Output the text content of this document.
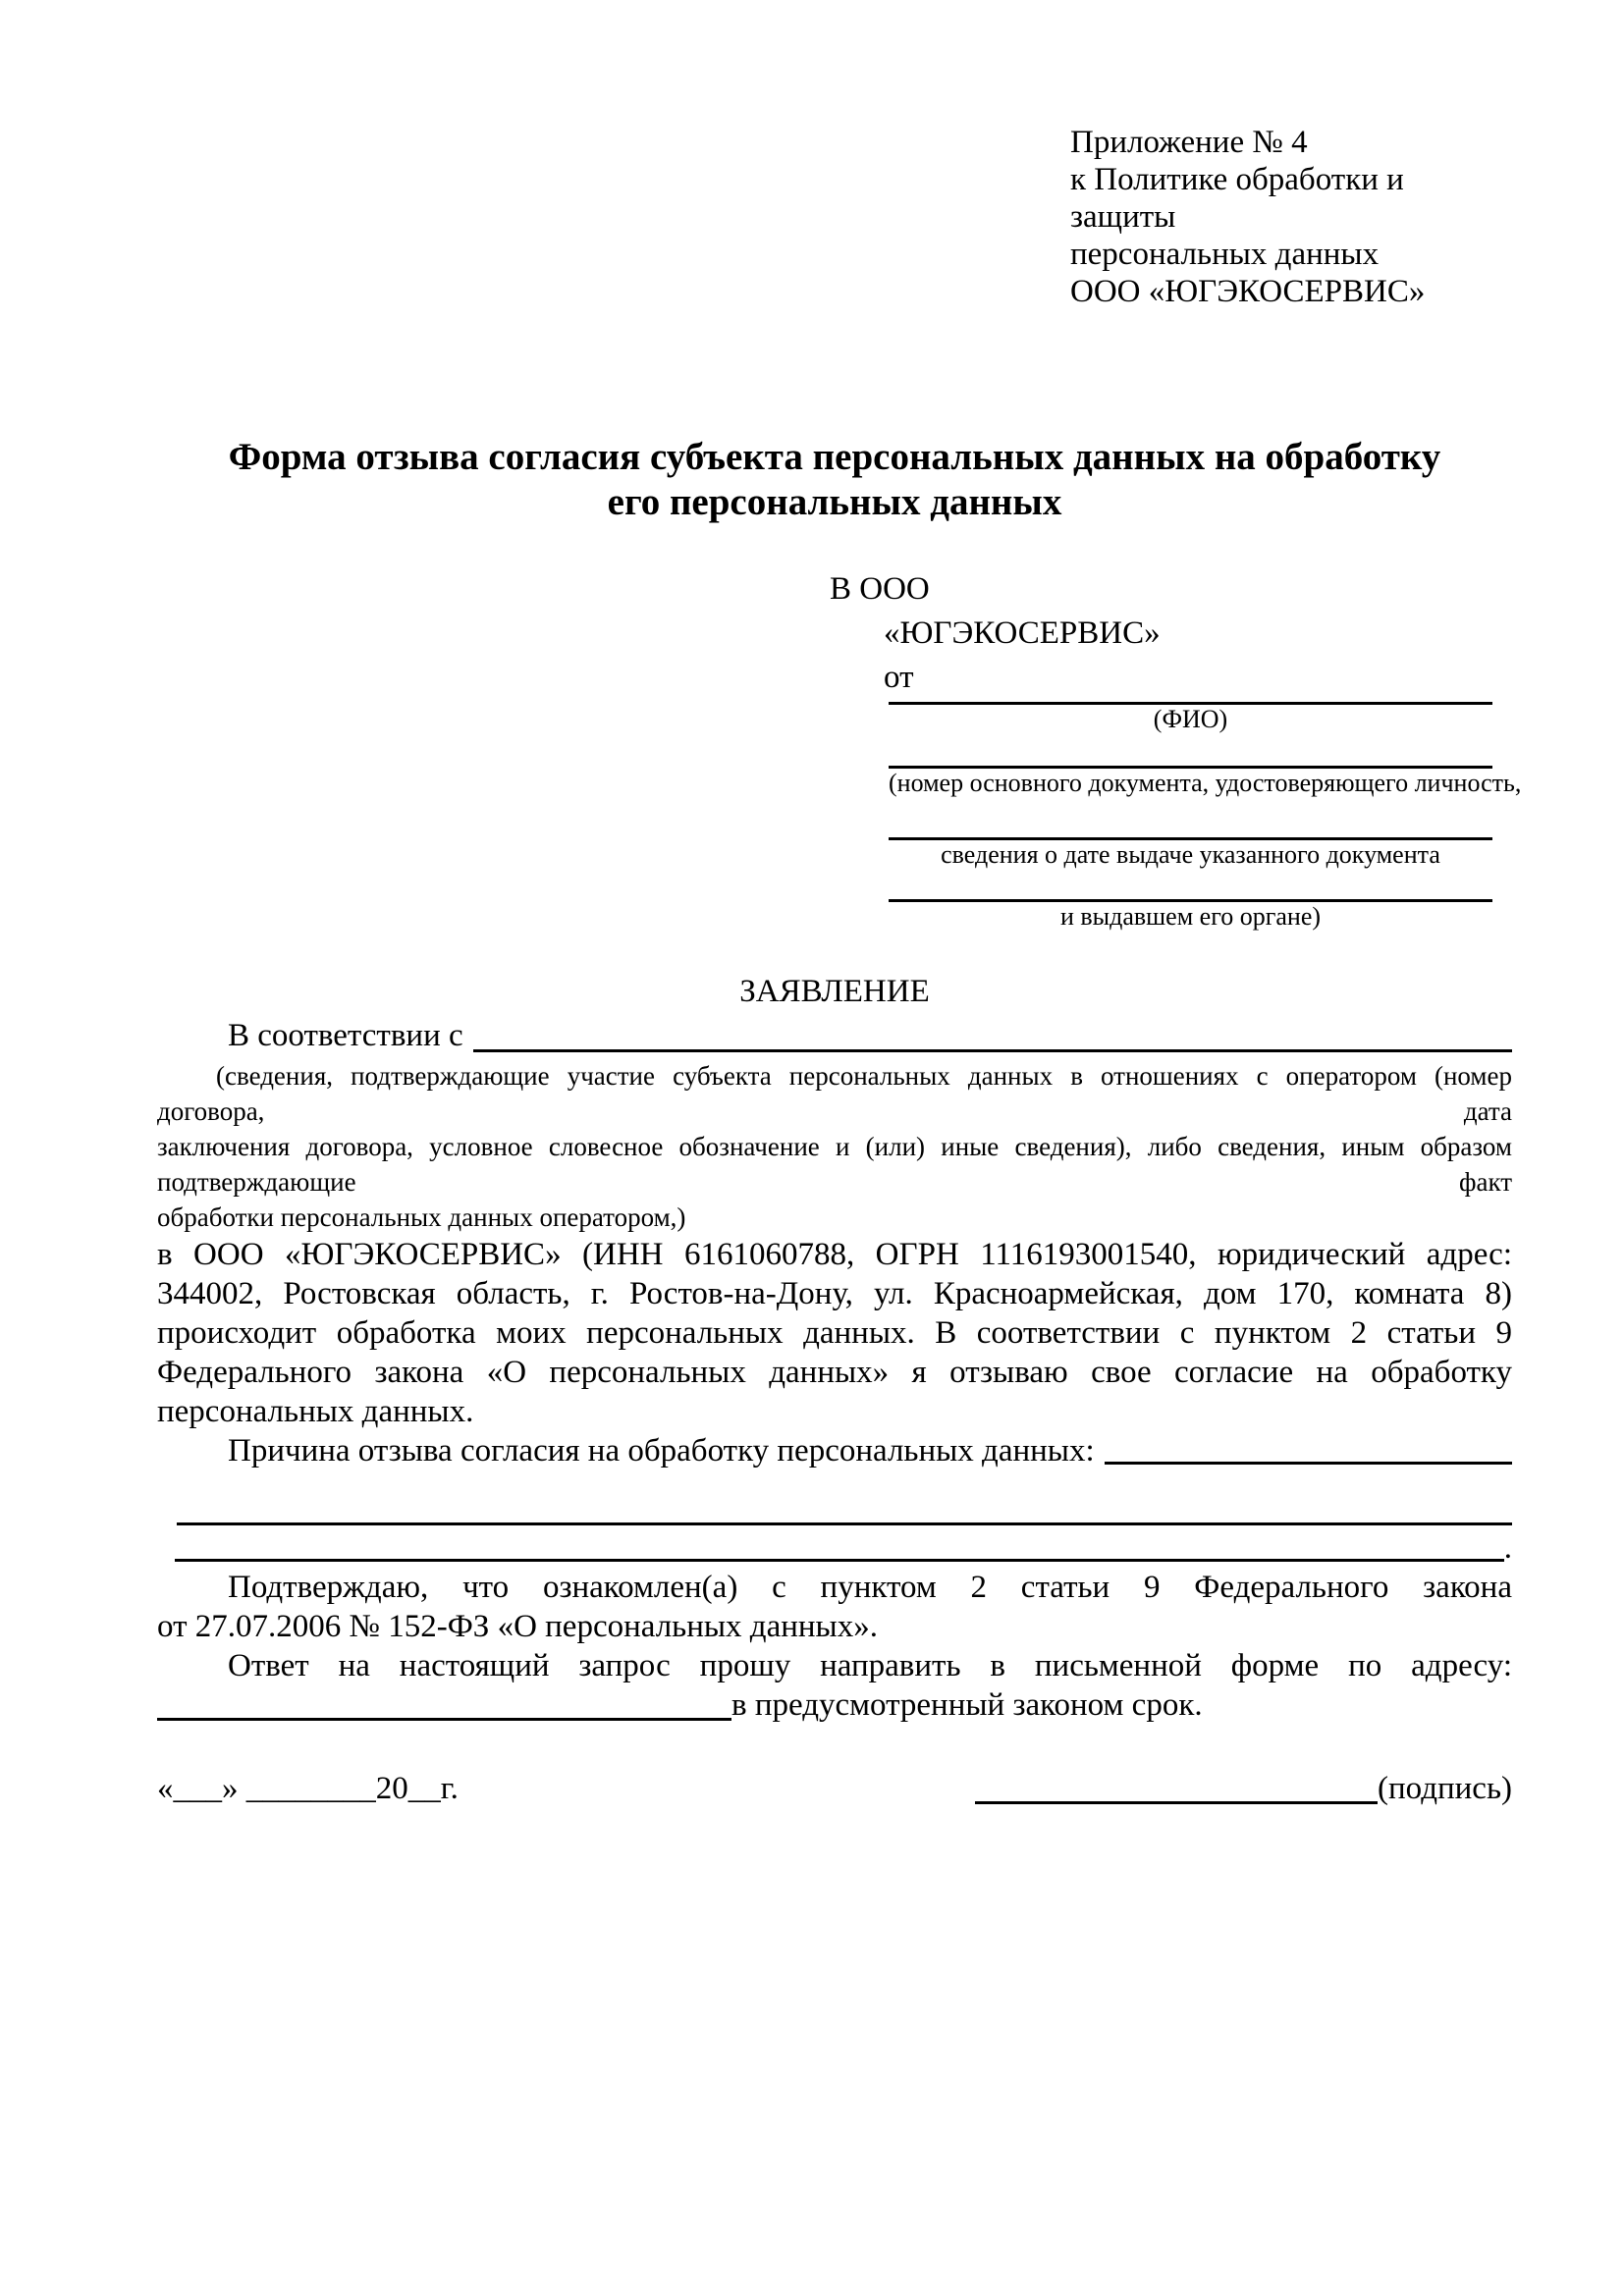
Приложение № 4
к Политике обработки и защиты
персональных данных
ООО «ЮГЭКОСЕРВИС»
Форма отзыва согласия субъекта персональных данных на обработку
его персональных данных
В ООО
«ЮГЭКОСЕРВИС»
от
(ФИО)
(номер основного документа, удостоверяющего личность,
сведения о дате выдаче указанного документа
и выдавшем его органе)
ЗАЯВЛЕНИЕ
В соответствии с
(сведения, подтверждающие участие субъекта персональных данных в отношениях с оператором (номер договора, дата
заключения договора, условное словесное обозначение и (или) иные сведения), либо сведения, иным образом подтверждающие факт
обработки персональных данных оператором,)
в ООО «ЮГЭКОСЕРВИС» (ИНН 6161060788, ОГРН 1116193001540, юридический адрес:
344002, Ростовская область, г. Ростов-на-Дону, ул. Красноармейская, дом 170, комната 8)
происходит обработка моих персональных данных. В соответствии с пунктом 2 статьи 9
Федерального закона «О персональных данных» я отзываю свое согласие на обработку
персональных данных.
Причина отзыва согласия на обработку персональных данных:
.
Подтверждаю, что ознакомлен(а) с пунктом 2 статьи 9 Федерального закона
от 27.07.2006 № 152-ФЗ «О персональных данных».
Ответ на настоящий запрос прошу направить в письменной форме по адресу:
в предусмотренный законом срок.
«___» ________20__г.	(подпись)
